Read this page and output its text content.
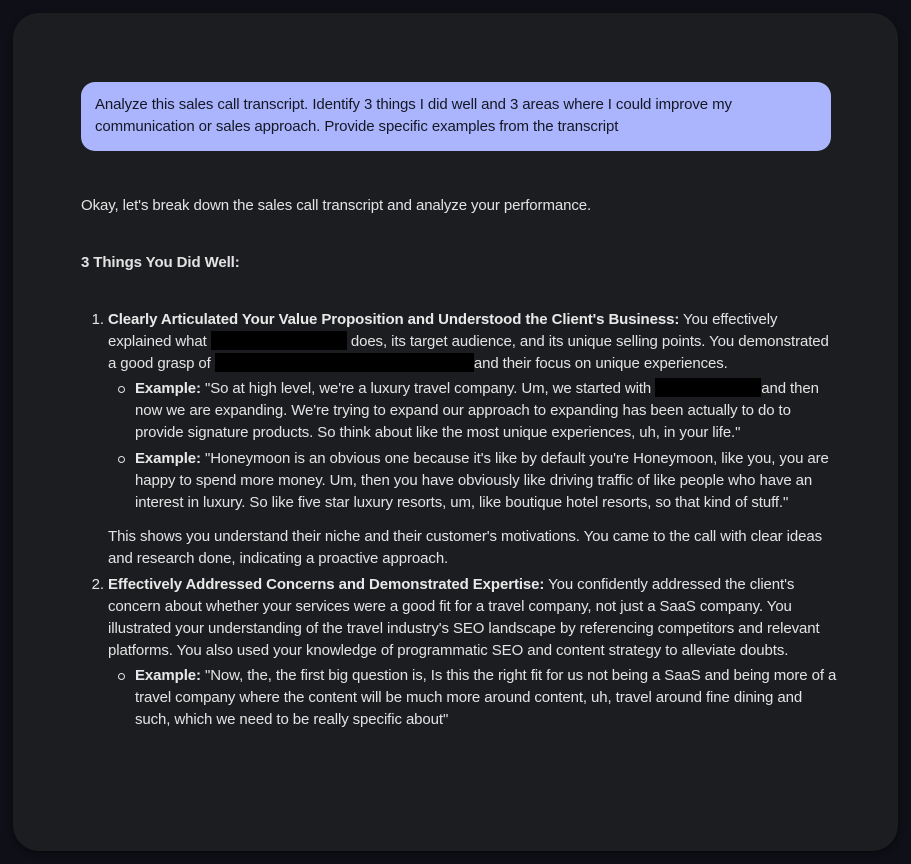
Analyze this sales call transcript. Identify 3 things I did well and 3 areas where I could improve my communication or sales approach. Provide specific examples from the transcript

Okay, let's break down the sales call transcript and analyze your performance.

3 Things You Did Well:

1. Clearly Articulated Your Value Proposition and Understood the Client's Business: You effectively explained what	does, its target audience, and its unique selling points. You demonstrated a good grasp of	and their focus on unique experiences.
Example: "So at high level, we're a luxury travel company. Um, we started with	and then now we are expanding. We're trying to expand our approach to expanding has been actually to do to provide signature products. So think about like the most unique experiences, uh, in your life."
Example: "Honeymoon is an obvious one because it's like by default you're Honeymoon, like you, you are happy to spend more money. Um, then you have obviously like driving traffic of like people who have an interest in luxury. So like five star luxury resorts, um, like boutique hotel resorts, so that kind of stuff."

This shows you understand their niche and their customer's motivations. You came to the call with clear ideas and research done, indicating a proactive approach.

2. Effectively Addressed Concerns and Demonstrated Expertise: You confidently addressed the client's concern about whether your services were a good fit for a travel company, not just a SaaS company. You illustrated your understanding of the travel industry's SEO landscape by referencing competitors and relevant platforms. You also used your knowledge of programmatic SEO and content strategy to alleviate doubts.
Example: "Now, the, the first big question is, Is this the right fit for us not being a SaaS and being more of a travel company where the content will be much more around content, uh, travel around fine dining and such, which we need to be really specific about"
